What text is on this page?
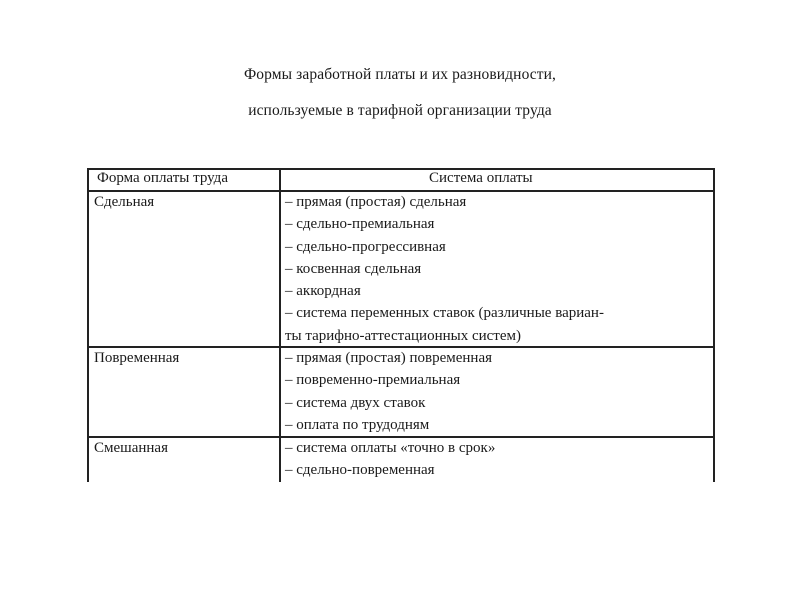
Формы заработной платы и их разновидности,
используемые в тарифной организации труда
Форма оплаты труда	Система оплаты
Сдельная	– прямая (простая) сдельная
– сдельно-премиальная
– сдельно-прогрессивная
– косвенная сдельная
– аккордная
– система переменных ставок (различные вариан-
ты тарифно-аттестационных систем)
Повременная	– прямая (простая) повременная
– повременно-премиальная
– система двух ставок
– оплата по трудодням
Смешанная	– система оплаты «точно в срок»
– сдельно-повременная
